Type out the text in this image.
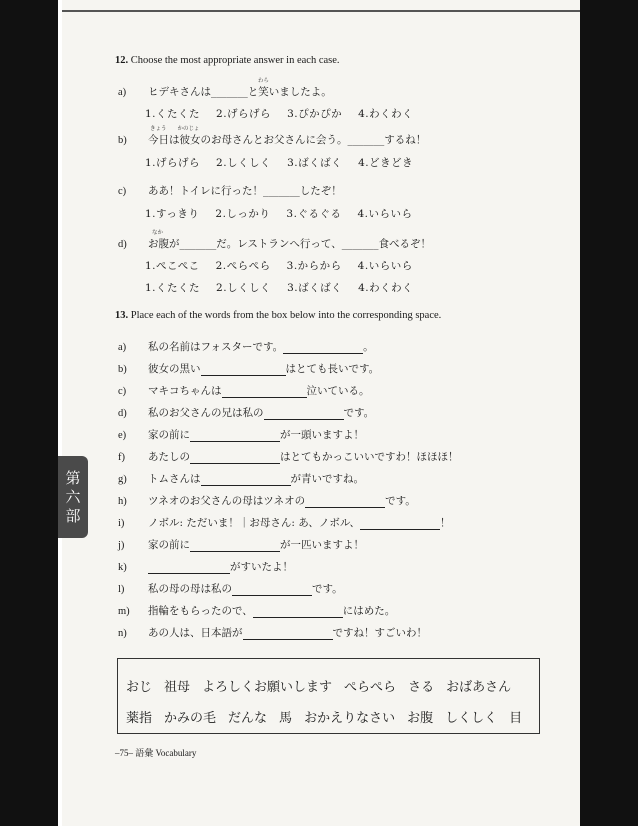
12. Choose the most appropriate answer in each case.
わら
a) ヒデキさんは_______と笑いましたよ。
1.くたくた 2.げらげら 3.ぴかぴか 4.わくわく
きょう　　かのじょ
b) 今日は彼女のお母さんとお父さんに会う。_______するね！
1.げらげら 2.しくしく 3.ばくばく 4.どきどき
c) ああ！トイレに行った！_______したぞ！
1.すっきり 2.しっかり 3.ぐるぐる 4.いらいら
なか
d) お腹が_______だ。レストランへ行って、_______食べるぞ！
1.ぺこぺこ 2.ぺらぺら 3.からから 4.いらいら
1.くたくた 2.しくしく 3.ばくばく 4.わくわく
13. Place each of the words from the box below into the corresponding space.
a) 私の名前はフォスターです。	。
b) 彼女の黒い	はとても長いです。
c) マキコちゃんは	泣いている。
d) 私のお父さんの兄は私の	です。
e) 家の前に	が一頭いますよ！
f) あたしの	はとてもかっこいいですわ！ほほほ！
g) トムさんは	が青いですね。
h) ツネオのお父さんの母はツネオの	です。
i) ノボル: ただいま！｜お母さん: あ、ノボル、	！
j) 家の前に	が一匹いますよ！
k)	がすいたよ！
l) 私の母の母は私の	です。
m) 指輪をもらったので、	にはめた。
n) あの人は、日本語が	ですね！すごいわ！
第
六
部
おじ 祖母 よろしくお願いします ぺらぺら さる おばあさん
薬指 かみの毛 だんな 馬 おかえりなさい お腹 しくしく 目
–75– 語彙 Vocabulary
